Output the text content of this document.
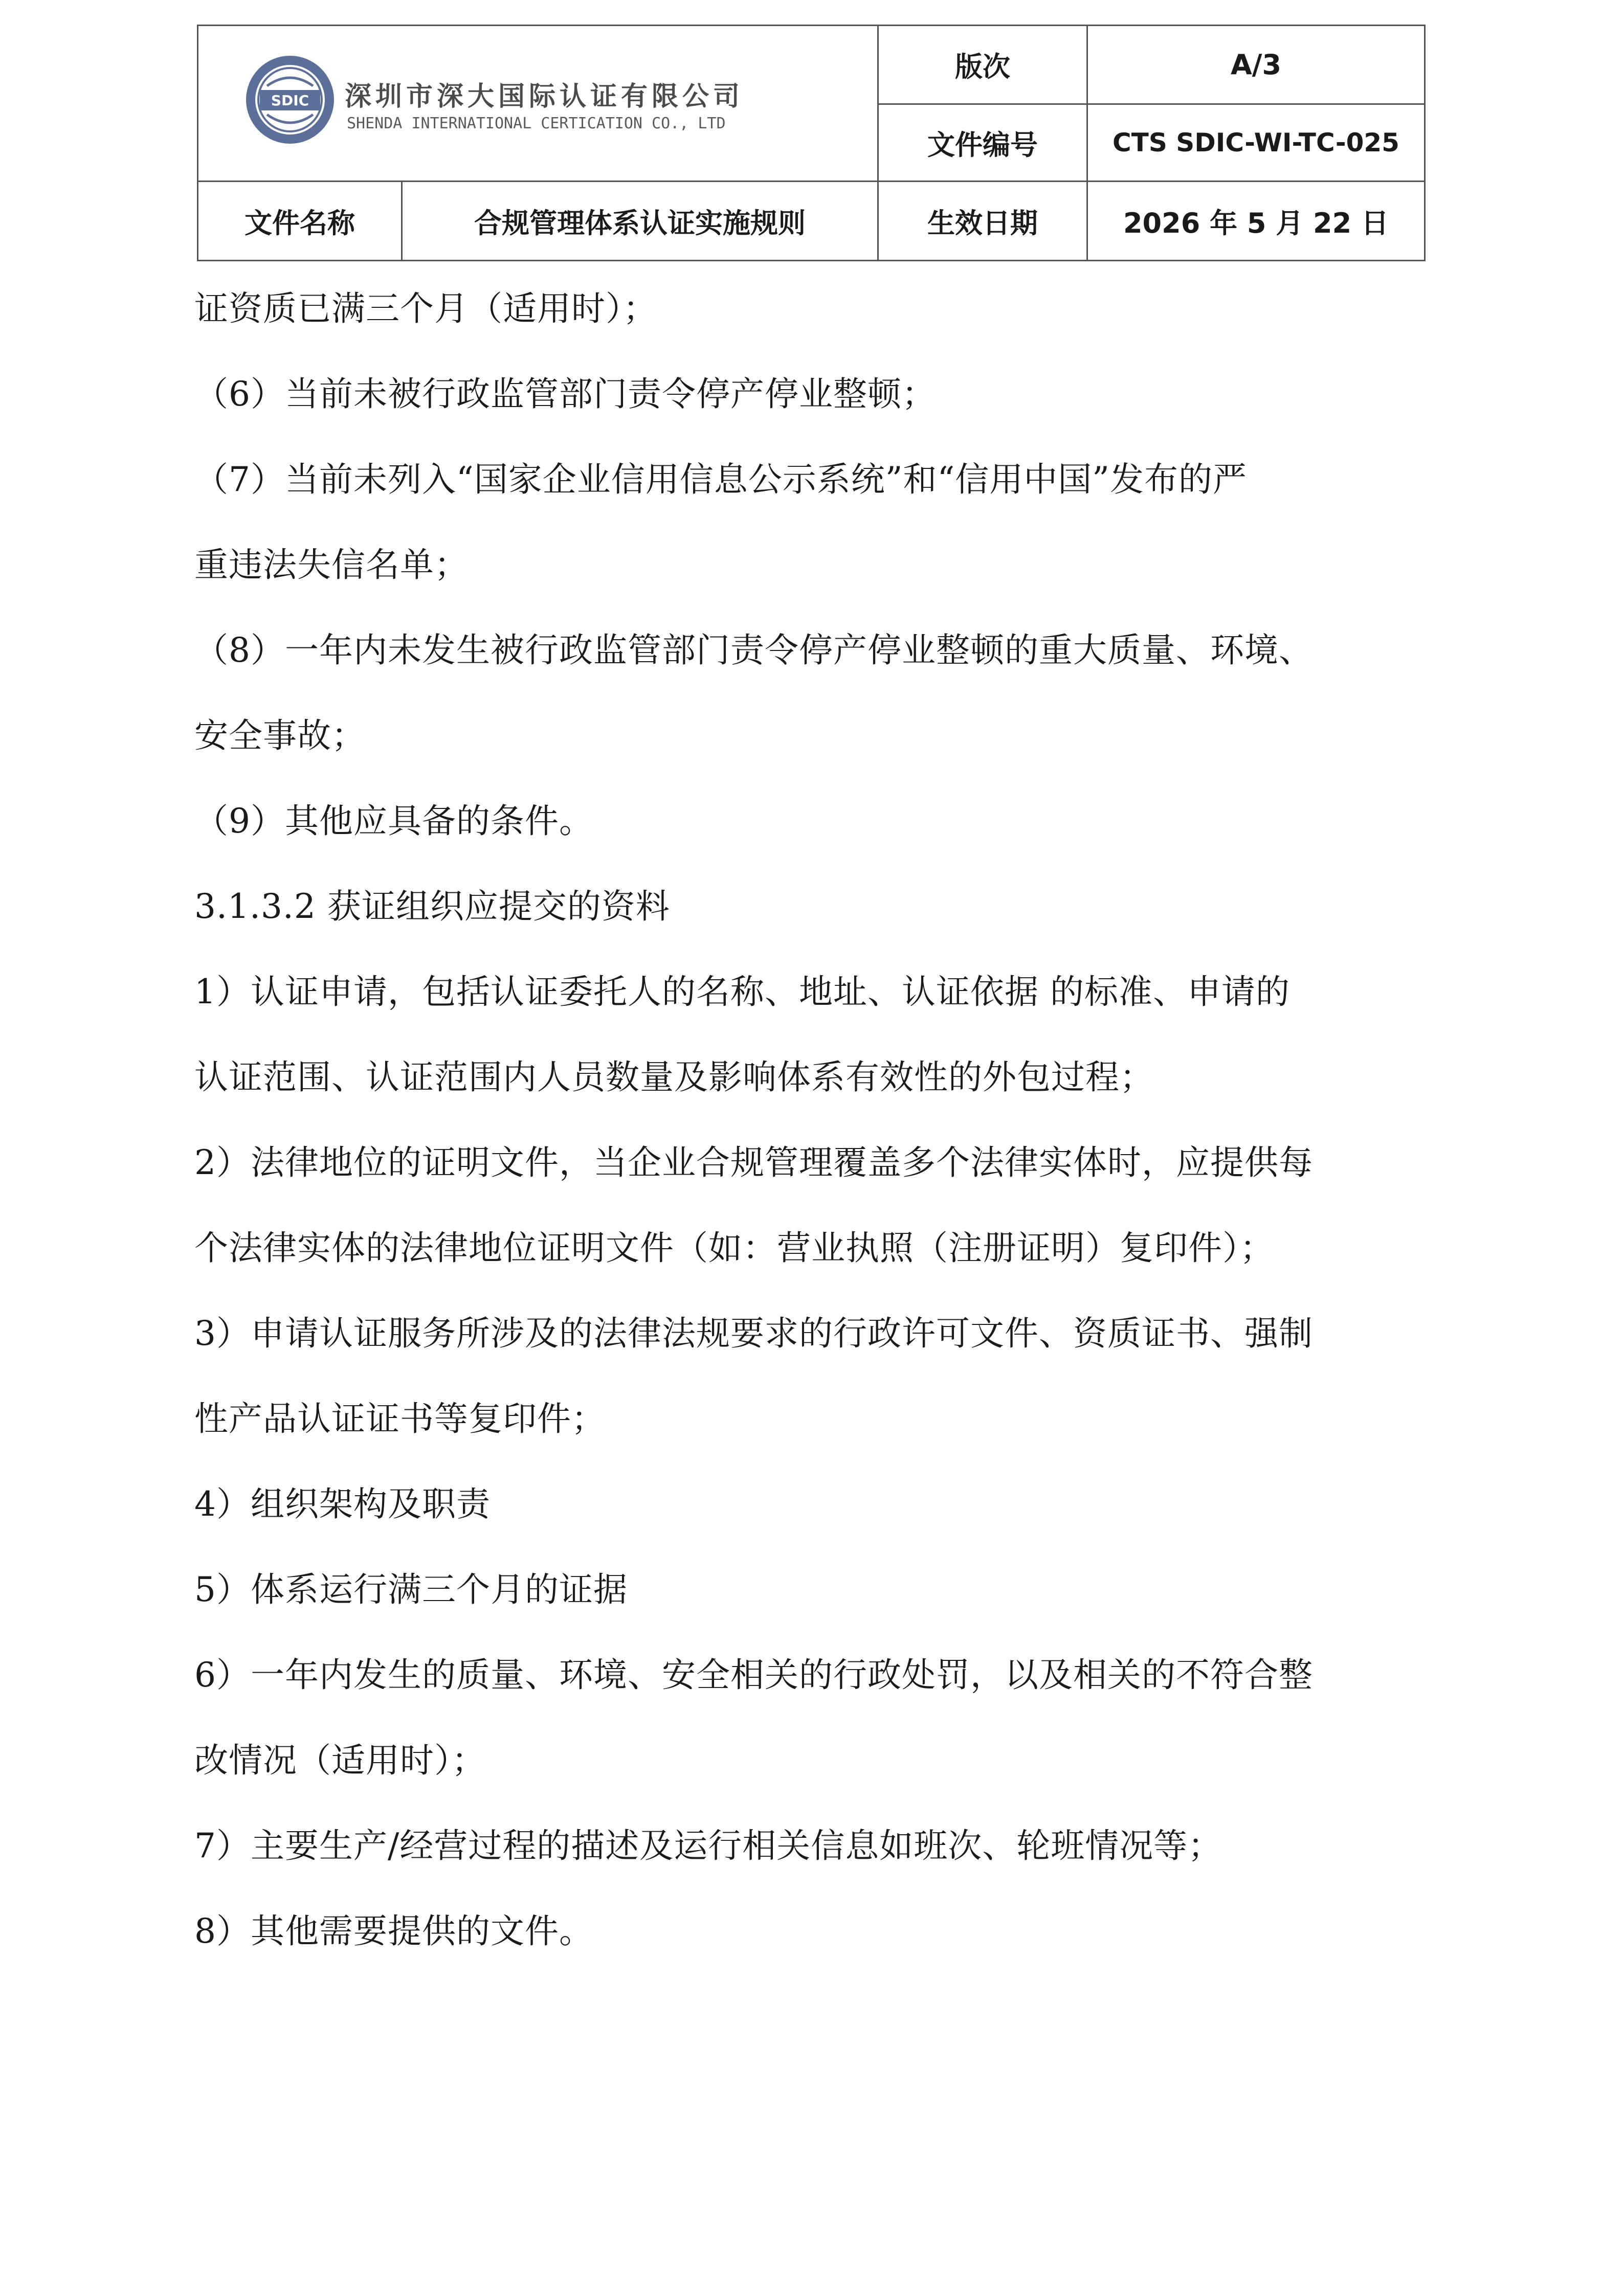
SDIC 深圳市深大国际认证有限公司
SHENDA INTERNATIONAL CERTICATION CO., LTD
版次	A/3
文件编号	CTS SDIC-WI-TC-025
文件名称	合规管理体系认证实施规则	生效日期	2026 年 5 月 22 日
证资质已满三个月（适用时）；
（6）当前未被行政监管部门责令停产停业整顿；
（7）当前未列入“国家企业信用信息公示系统”和“信用中国”发布的严
重违法失信名单；
（8）一年内未发生被行政监管部门责令停产停业整顿的重大质量、环境、
安全事故；
（9）其他应具备的条件。
3.1.3.2 获证组织应提交的资料
1）认证申请，包括认证委托人的名称、地址、认证依据 的标准、申请的
认证范围、认证范围内人员数量及影响体系有效性的外包过程；
2）法律地位的证明文件，当企业合规管理覆盖多个法律实体时，应提供每
个法律实体的法律地位证明文件（如：营业执照（注册证明）复印件）；
3）申请认证服务所涉及的法律法规要求的行政许可文件、资质证书、强制
性产品认证证书等复印件；
4）组织架构及职责
5）体系运行满三个月的证据
6）一年内发生的质量、环境、安全相关的行政处罚，以及相关的不符合整
改情况（适用时）；
7）主要生产/经营过程的描述及运行相关信息如班次、轮班情况等；
8）其他需要提供的文件。
